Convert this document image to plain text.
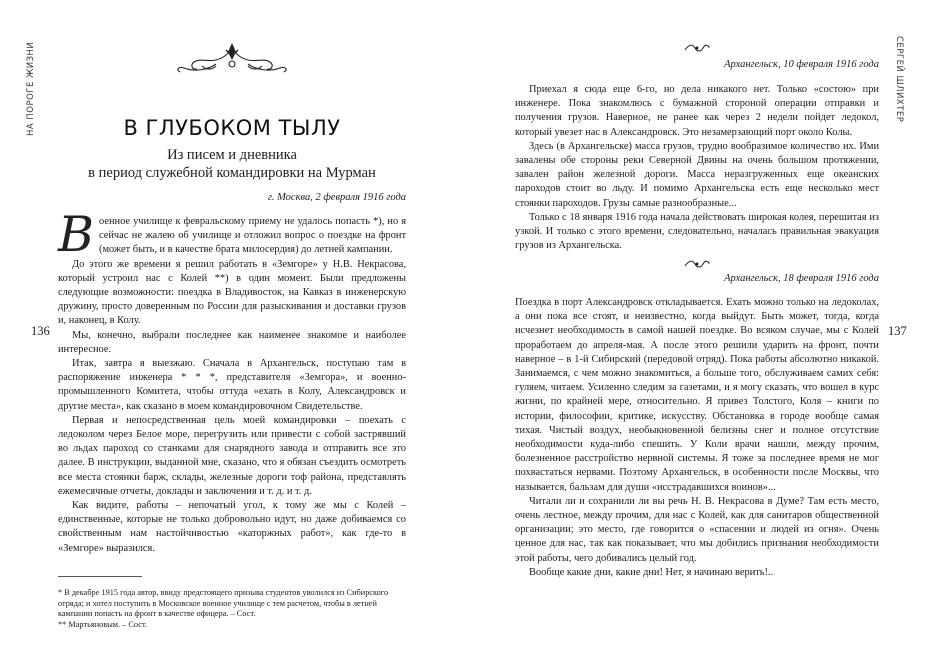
НА ПОРОГЕ ЖИЗНИ
136
В ГЛУБОКОМ ТЫЛУ
Из писем и дневника
в период служебной командировки на Мурман
г. Москва, 2 февраля 1916 года

Военное училище к февральскому приему не удалось попасть *), но я сейчас не жалею об училище и отложил вопрос о поездке на фронт (может быть, и в качестве брата милосердия) до летней кампании.

До этого же времени я решил работать в «Земгоре» у Н.В. Некрасова, который устроил нас с Колей **) в один момент. Были предложены следующие возможности: поездка в Владивосток, на Кавказ в инженерскую дружину, просто доверенным по России для разыскивания и доставки грузов и, наконец, в Колу.

Мы, конечно, выбрали последнее как наименее знакомое и наиболее интересное.

Итак, завтра я выезжаю. Сначала в Архангельск, поступаю там в распоряжение инженера * * *, представителя «Земгора», и военно-промышленного Комитета, чтобы оттуда «ехать в Колу, Александровск и другие места», как сказано в моем командировочном Свидетельстве.

Первая и непосредственная цель моей командировки – поехать с ледоколом через Белое море, перегрузить или привести с собой застрявший во льдах пароход со станками для снарядного завода и отправить все это далее. В инструкции, выданной мне, сказано, что я обязан съездить осмотреть все места стоянки барж, склады, железные дороги тоф района, представлять ежемесячные отчеты, доклады и заключения и т. д. и т. д.

Как видите, работы – непочатый угол, к тому же мы с Колей – единственные, которые не только добровольно идут, но даже добиваемся со свойственным нам настойчивостью «каторжных работ», как где-то в «Земгоре» выразился.

* В декабре 1915 года автор, ввиду предстоящего призыва студентов уволился из Сибирского отряда; и хотел поступить в Московское военное училище с тем расчетом, чтобы в летней кампании попасть на фронт в качестве офицера. – Сост.

** Мартьяновым. – Сост.

СЕРГЕЙ ШЛИХТЕР
137
Архангельск, 10 февраля 1916 года

Приехал я сюда еще 6-го, но дела никакого нет. Только «состою» при инженере. Пока знакомлюсь с бумажной стороной операции отправки и получения грузов. Наверное, не ранее как через 2 недели пойдет ледокол, который увезет нас в Александровск. Это незамерзающий порт около Колы.

Здесь (в Архангельске) масса грузов, трудно вообразимое количество их. Ими завалены обе стороны реки Северной Двины на очень большом протяжении, завален район железной дороги. Масса неразгруженных еще океанских пароходов стоит во льду. И помимо Архангельска есть еще несколько мест стоянки пароходов. Грузы самые разнообразные...

Только с 18 января 1916 года начала действовать широкая колея, перешитая из узкой. И только с этого времени, следовательно, началась правильная эвакуация грузов из Архангельска.

Архангельск, 18 февраля 1916 года

Поездка в порт Александровск откладывается. Ехать можно только на ледоколах, а они пока все стоят, и неизвестно, когда выйдут. Быть может, тогда, когда исчезнет необходимость в самой нашей поездке. Во всяком случае, мы с Колей проработаем до апреля-мая. А после этого решили ударить на фронт, почти наверное – в 1-й Сибирский (передовой отряд). Пока работы абсолютно никакой. Занимаемся, с чем можно знакомиться, а больше того, обслуживаем самих себя: гуляем, читаем. Усиленно следим за газетами, и я могу сказать, что вошел в курс жизни, по крайней мере, относительно. Я привез Толстого, Коля – книги по истории, философии, критике, искусству. Обстановка в городе вообще самая тихая. Чистый воздух, необыкновенной белизны снег и полное отсутствие необходимости куда-либо спешить. У Коли врачи нашли, между прочим, болезненное расстройство нервной системы. Я тоже за последнее время не мог похвастаться нервами. Поэтому Архангельск, в особенности после Москвы, что называется, бальзам для души «исстрадавшихся воинов»...

Читали ли и сохранили ли вы речь Н. В. Некрасова в Думе? Там есть место, очень лестное, между прочим, для нас с Колей, как для санитаров общественной организации; это место, где говорится о «спасении и людей из огня». Очень ценное для нас, так как показывает, что мы добились признания необходимости этой работы, чего добивались целый год.

Вообще какие дни, какие дни! Нет, я начинаю верить!..
